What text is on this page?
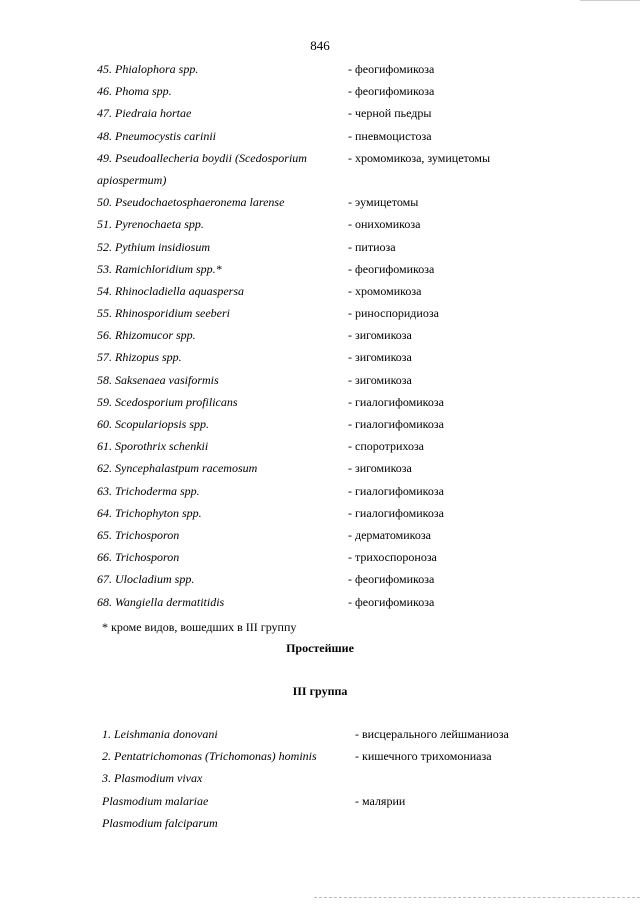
846
45. Phialophora spp.	- феогифомикоза
46. Phoma spp.	- феогифомикоза
47. Piedraia hortae	- черной пьедры
48. Pneumocystis carinii	- пневмоцистоза
49. Pseudoallecheria boydii (Scedosporium	- хромомикоза, зумицетомы
apiospermum)
50. Pseudochaetosphaeronema larense	- эумицетомы
51. Pyrenochaeta spp.	- онихомикоза
52. Pythium insidiosum	- питиоза
53. Ramichloridium spp.*	- феогифомикоза
54. Rhinocladiella aquaspersa	- хромомикоза
55. Rhinosporidium seeberi	- риноспоридиоза
56. Rhizomucor spp.	- зигомикоза
57. Rhizopus spp.	- зигомикоза
58. Saksenaea vasiformis	- зигомикоза
59. Scedosporium profilicans	- гиалогифомикоза
60. Scopulariopsis spp.	- гиалогифомикоза
61. Sporothrix schenkii	- споротрихоза
62. Syncephalastpum racemosum	- зигомикоза
63. Trichoderma spp.	- гиалогифомикоза
64. Trichophyton spp.	- гиалогифомикоза
65. Trichosporon	- дерматомикоза
66. Trichosporon	- трихоспороноза
67. Ulocladium spp.	- феогифомикоза
68. Wangiella dermatitidis	- феогифомикоза
* кроме видов, вошедших в III группу
Простейшие
III группа
1. Leishmania donovani	- висцерального лейшманиоза
2. Pentatrichomonas (Trichomonas) hominis	- кишечного трихомониаза
3. Plasmodium vivax
Plasmodium malariae	- малярии
Plasmodium falciparum
